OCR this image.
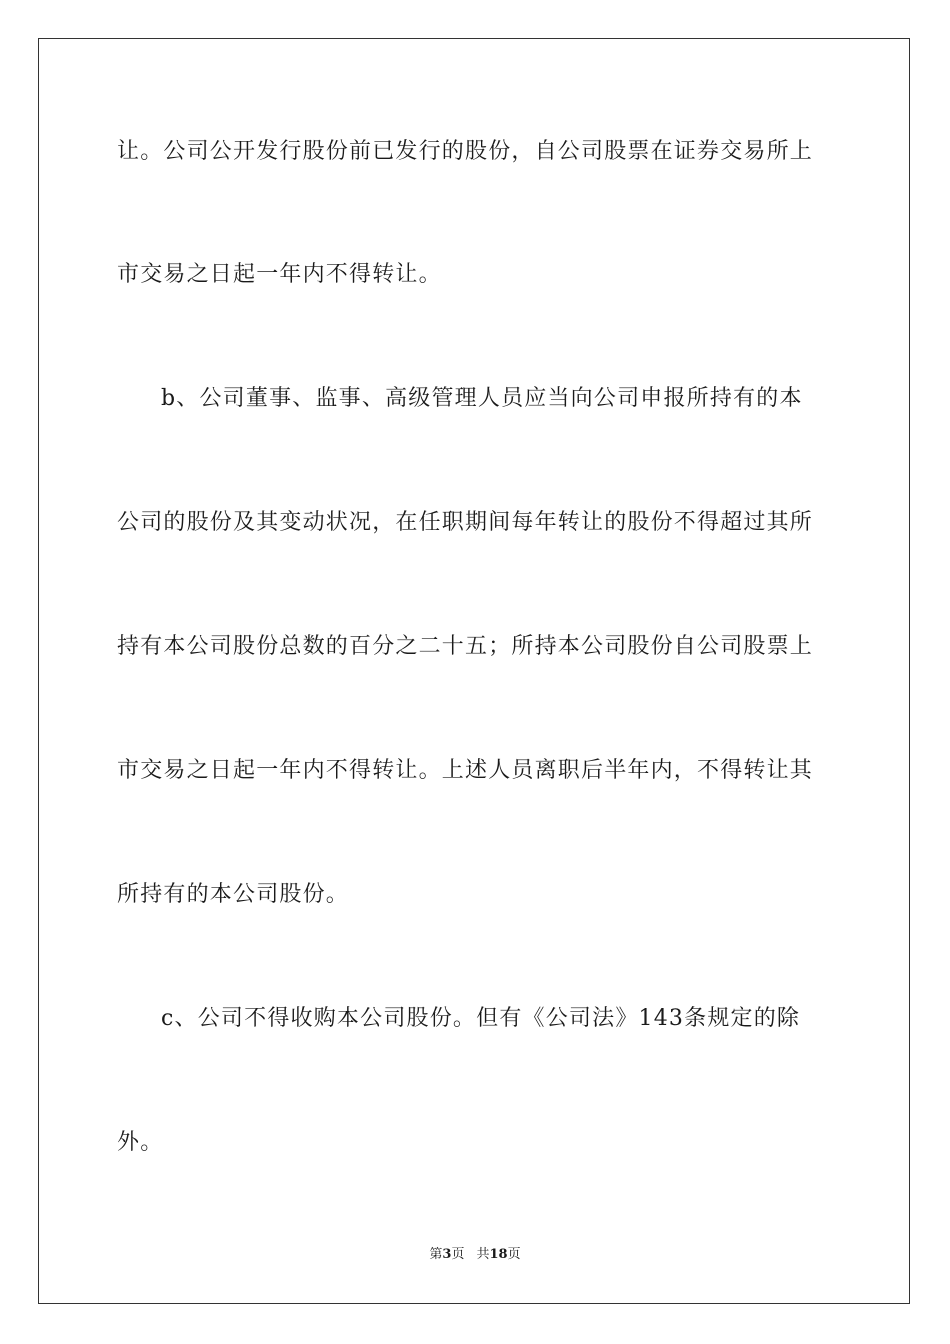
让。公司公开发行股份前已发行的股份，自公司股票在证券交易所上
市交易之日起一年内不得转让。
b、公司董事、监事、高级管理人员应当向公司申报所持有的本
公司的股份及其变动状况，在任职期间每年转让的股份不得超过其所
持有本公司股份总数的百分之二十五；所持本公司股份自公司股票上
市交易之日起一年内不得转让。上述人员离职后半年内，不得转让其
所持有的本公司股份。
c、公司不得收购本公司股份。但有《公司法》143条规定的除
外。
第3页 共18页
